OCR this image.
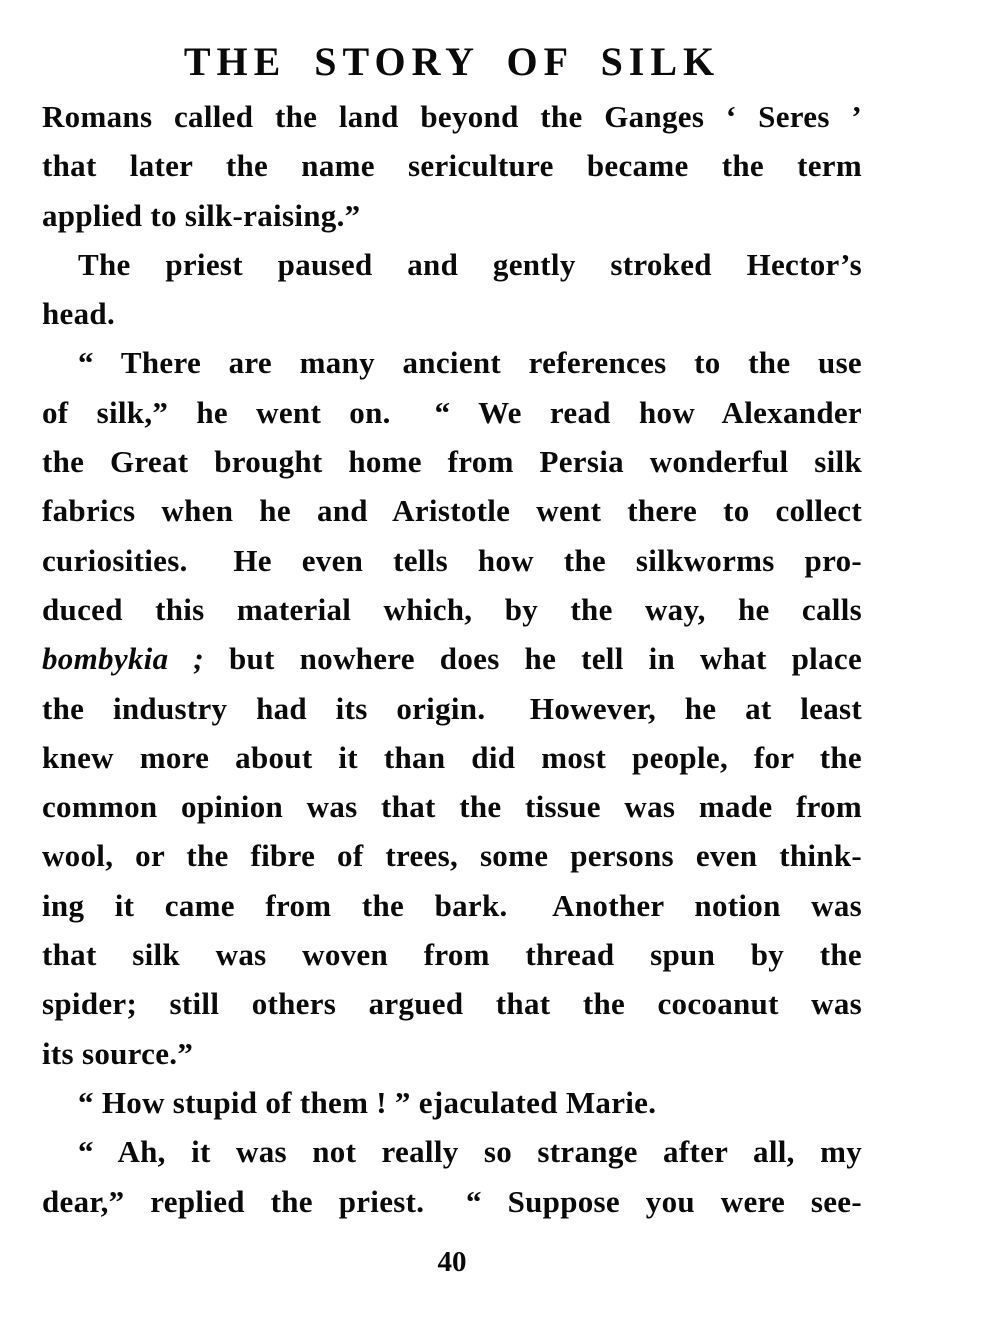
THE STORY OF SILK
Romans called the land beyond the Ganges ‘ Seres ’
that later the name sericulture became the term
applied to silk-raising.”
The priest paused and gently stroked Hector’s
head.
“ There are many ancient references to the use
of silk,” he went on.  “ We read how Alexander
the Great brought home from Persia wonderful silk
fabrics when he and Aristotle went there to collect
curiosities.  He even tells how the silkworms pro-
duced this material which, by the way, he calls
bombykia ; but nowhere does he tell in what place
the industry had its origin.  However, he at least
knew more about it than did most people, for the
common opinion was that the tissue was made from
wool, or the fibre of trees, some persons even think-
ing it came from the bark.  Another notion was
that silk was woven from thread spun by the
spider; still others argued that the cocoanut was
its source.”
“ How stupid of them ! ” ejaculated Marie.
“ Ah, it was not really so strange after all, my
dear,” replied the priest.  “ Suppose you were see-
40
